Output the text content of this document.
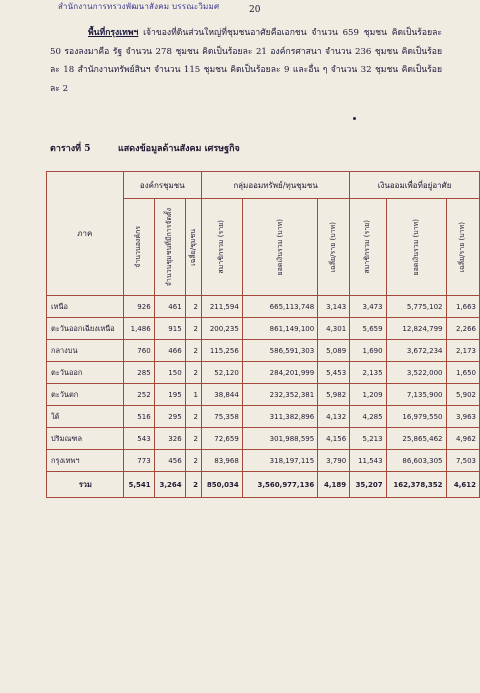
สำนักงานการทรวงพัฒนาสังคม บรรณะวิมมศ	20
พื้นที่กรุงเทพฯ เจ้าของที่ดินส่วนใหญ่ที่ชุมชนอาศัยคือเอกชน จำนวน 659 ชุมชน คิดเป็นร้อยละ 50 รองลงมาคือ รัฐ จำนวน 278 ชุมชน คิดเป็นร้อยละ 21 องค์กรศาสนา จำนวน 236 ชุมชน คิดเป็นร้อยละ 18 สำนักงานทรัพย์สินฯ จำนวน 115 ชุมชน คิดเป็นร้อยละ 9 และอื่น ๆ จำนวน 32 ชุมชน คิดเป็นร้อยละ 2
ตารางที่ 5	แสดงข้อมูลด้านสังคม เศรษฐกิจ
ภาค	องค์กรชุมชน			กลุ่มออมทรัพย์/ทุนชุมชน			เงินออมเพื่อที่อยู่อาศัย		

	จำนวนองค์กร	จำนวนชุมชนที่มีการจัดตั้ง	เฉลี่ย/ชุมชน	สมาชิกรวม (ราย)	ยอดเงินรวม (บาท)	เฉลี่ย/ราย (บาท)	สมาชิกรวม (ราย)	ยอดเงินรวม (บาท)	เฉลี่ย/ราย (บาท)

เหนือ	926	461	2	211,594	665,113,748	3,143	3,473	5,775,102	1,663
ตะวันออกเฉียงเหนือ	1,486	915	2	200,235	861,149,100	4,301	5,659	12,824,799	2,266
กลางบน	760	466	2	115,256	586,591,303	5,089	1,690	3,672,234	2,173
ตะวันออก	285	150	2	52,120	284,201,999	5,453	2,135	3,522,000	1,650
ตะวันตก	252	195	1	38,844	232,352,381	5,982	1,209	7,135,900	5,902
ใต้	516	295	2	75,358	311,382,896	4,132	4,285	16,979,550	3,963
ปริมณฑล	543	326	2	72,659	301,988,595	4,156	5,213	25,865,462	4,962
กรุงเทพฯ	773	456	2	83,968	318,197,115	3,790	11,543	86,603,305	7,503
รวม	5,541	3,264	2	850,034	3,560,977,136	4,189	35,207	162,378,352	4,612
